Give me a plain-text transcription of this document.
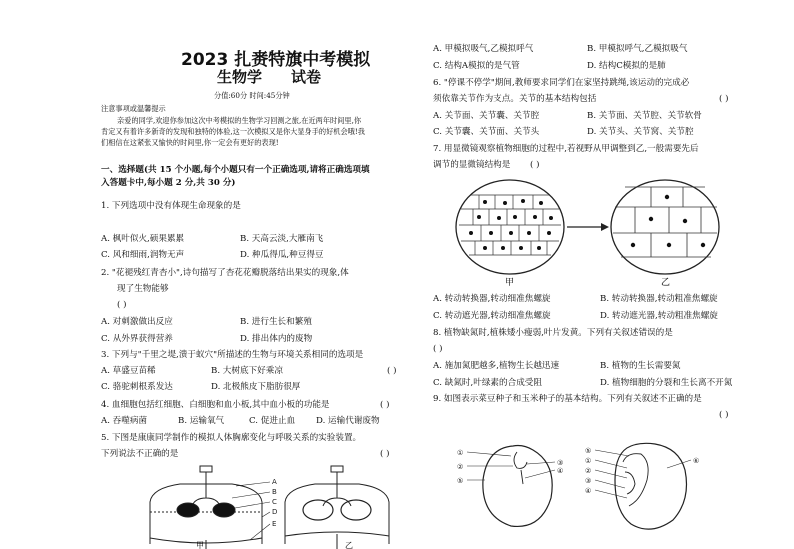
2023 扎赉特旗中考模拟
生物学 试卷
分值:60分 时间:45分钟
注意事项或温馨提示
亲爱的同学,欢迎你参加这次中考模拟的生物学习回测之旅,在近两年时间里,你
肯定又有着许多新奇的发现和独特的体验,这一次模拟又是你大显身手的好机会哦!我
们相信在这紧张又愉快的时间里,你一定会有更好的表现!
一、选择题(共 15 个小题,每个小题只有一个正确选项,请将正确选项填
入答题卡中,每小题 2 分,共 30 分)
1. 下列选项中没有体现生命现象的是
A. 枫叶似火,硕果累累	B. 天高云淡,大雁南飞
C. 风和细雨,润物无声	D. 种瓜得瓜,种豆得豆
2. "花褪残红青杏小",诗句描写了杏花花瓣脱落结出果实的现象,体
现了生物能够
( )
A. 对刺激做出反应	B. 进行生长和繁殖
C. 从外界获得营养	D. 排出体内的废物
3. 下列与"千里之堤,溃于蚁穴"所描述的生物与环境关系相同的选项是
A. 草盛豆苗稀	B. 大树底下好乘凉	( )
C. 骆驼刺根系发达	D. 北极熊皮下脂肪很厚
4. 血细胞包括红细胞、白细胞和血小板,其中血小板的功能是	( )
A. 吞噬病菌	B. 运输氧气	C. 促进止血 D. 运输代谢废物
5. 下图是康康同学制作的模拟人体胸廓变化与呼吸关系的实验装置。
下列说法不正确的是	( )
A
B
C
D
E
甲	乙
A. 甲模拟吸气,乙模拟呼气	B. 甲模拟呼气,乙模拟吸气
C. 结构A模拟的是气管	D. 结构C模拟的是肺
6. "停课不停学"期间,教师要求同学们在家坚持跳绳,该运动的完成必
须依靠关节作为支点。关节的基本结构包括	( )
A. 关节面、关节囊、关节腔	B. 关节面、关节腔、关节软骨
C. 关节囊、关节面、关节头	D. 关节头、关节窝、关节腔
7. 用显微镜观察植物细胞的过程中,若视野从甲调整到乙,一般需要先后
调节的显微镜结构是 ( )
甲	乙
A. 转动转换器,转动细准焦螺旋	B. 转动转换器,转动粗准焦螺旋
C. 转动遮光器,转动细准焦螺旋	D. 转动遮光器,转动粗准焦螺旋
8. 植物缺氮时,植株矮小瘦弱,叶片发黄。下列有关叙述错误的是
( )
A. 施加氮肥越多,植物生长越迅速	B. 植物的生长需要氮
C. 缺氮时,叶绿素的合成受阻	D. 植物细胞的分裂和生长离不开氮
9. 如图表示菜豆种子和玉米种子的基本结构。下列有关叙述不正确的是
( )
①
②
⑤
③
④
⑤
①
②
③
④
⑥
